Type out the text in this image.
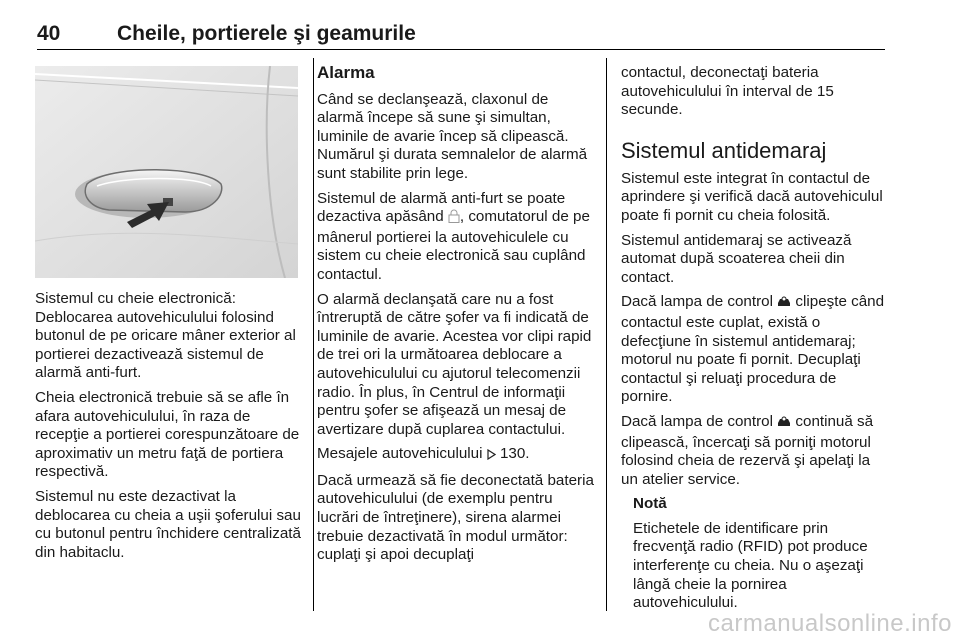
40	Cheile, portierele şi geamurile

Sistemul cu cheie electronică: Deblocarea autovehiculului folosind butonul de pe oricare mâner exterior al portierei dezactivează sistemul de alarmă anti-furt.

Cheia electronică trebuie să se afle în afara autovehiculului, în raza de recepţie a portierei corespunzătoare de aproximativ un metru faţă de portiera respectivă.

Sistemul nu este dezactivat la deblocarea cu cheia a uşii şoferului sau cu butonul pentru închidere centralizată din habitaclu.

Alarma

Când se declanşează, claxonul de alarmă începe să sune şi simultan, luminile de avarie încep să clipească. Numărul şi durata semnalelor de alarmă sunt stabilite prin lege.

Sistemul de alarmă anti-furt se poate dezactiva apăsând , comutatorul de pe mânerul portierei la autovehiculele cu sistem cu cheie electronică sau cuplând contactul.

O alarmă declanşată care nu a fost întreruptă de către şofer va fi indicată de luminile de avarie. Acestea vor clipi rapid de trei ori la următoarea deblocare a autovehiculului cu ajutorul telecomenzii radio. În plus, în Centrul de informaţii pentru şofer se afişează un mesaj de avertizare după cuplarea contactului.

Mesajele autovehiculului  130.

Dacă urmează să fie deconectată bateria autovehiculului (de exemplu pentru lucrări de întreţinere), sirena alarmei trebuie dezactivată în modul următor: cuplaţi şi apoi decuplaţi

contactul, deconectaţi bateria autovehiculului în interval de 15 secunde.

Sistemul antidemaraj

Sistemul este integrat în contactul de aprindere şi verifică dacă autovehiculul poate fi pornit cu cheia folosită.

Sistemul antidemaraj se activează automat după scoaterea cheii din contact.

Dacă lampa de control  clipeşte când contactul este cuplat, există o defecţiune în sistemul antidemaraj; motorul nu poate fi pornit. Decuplaţi contactul şi reluaţi procedura de pornire.

Dacă lampa de control  continuă să clipească, încercaţi să porniţi motorul folosind cheia de rezervă şi apelaţi la un atelier service.

Notă

Etichetele de identificare prin frecvenţă radio (RFID) pot produce interferenţe cu cheia. Nu o aşezaţi lângă cheie la pornirea autovehiculului.

carmanualsonline.info
